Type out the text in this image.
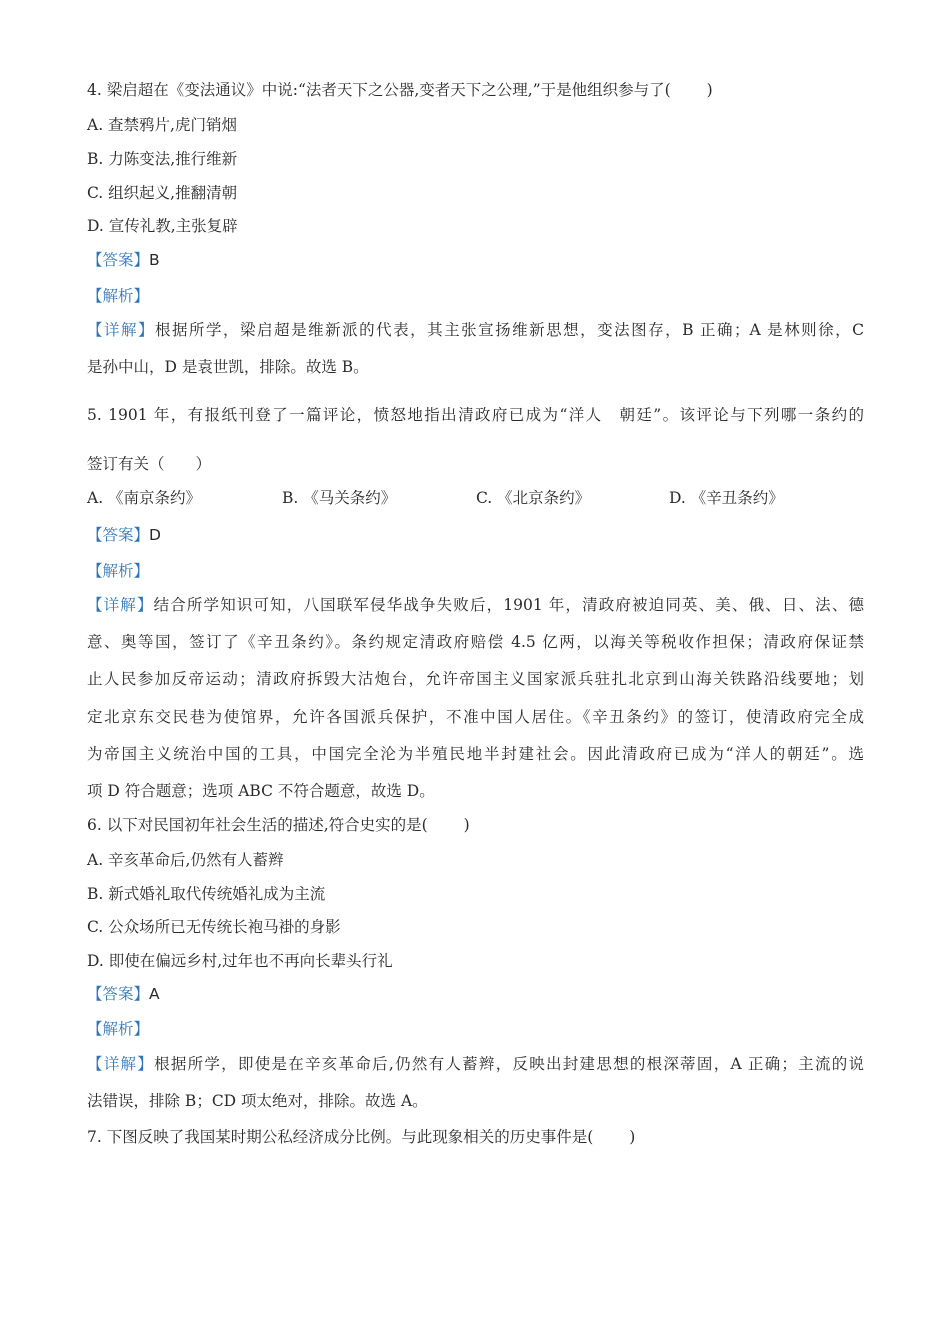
4. 梁启超在《变法通议》中说:“法者天下之公器,变者天下之公理,”于是他组织参与了(　　 )
A. 查禁鸦片,虎门销烟
B. 力陈变法,推行维新
C. 组织起义,推翻清朝
D. 宣传礼教,主张复辟
【答案】B
【解析】
【详解】根据所学，梁启超是维新派的代表，其主张宣扬维新思想，变法图存，B 正确；A 是林则徐，C
是孙中山，D 是袁世凯，排除。故选 B。
5. 1901 年，有报纸刊登了一篇评论，愤怒地指出清政府已成为“洋人　朝廷”。该评论与下列哪一条约的
签订有关（　　）
A. 《南京条约》	B. 《马关条约》	C. 《北京条约》	D. 《辛丑条约》
【答案】D
【解析】
【详解】结合所学知识可知，八国联军侵华战争失败后，1901 年，清政府被迫同英、美、俄、日、法、德
意、奥等国，签订了《辛丑条约》。条约规定清政府赔偿 4.5 亿两，以海关等税收作担保；清政府保证禁
止人民参加反帝运动；清政府拆毁大沽炮台，允许帝国主义国家派兵驻扎北京到山海关铁路沿线要地；划
定北京东交民巷为使馆界，允许各国派兵保护，不准中国人居住。《辛丑条约》的签订，使清政府完全成
为帝国主义统治中国的工具，中国完全沦为半殖民地半封建社会。因此清政府已成为“洋人的朝廷”。选
项 D 符合题意；选项 ABC 不符合题意，故选 D。
6. 以下对民国初年社会生活的描述,符合史实的是(　　 )
A. 辛亥革命后,仍然有人蓄辫
B. 新式婚礼取代传统婚礼成为主流
C. 公众场所已无传统长袍马褂的身影
D. 即使在偏远乡村,过年也不再向长辈头行礼
【答案】A
【解析】
【详解】根据所学，即使是在辛亥革命后,仍然有人蓄辫，反映出封建思想的根深蒂固，A 正确；主流的说
法错误，排除 B；CD 项太绝对，排除。故选 A。
7. 下图反映了我国某时期公私经济成分比例。与此现象相关的历史事件是(　　 )
